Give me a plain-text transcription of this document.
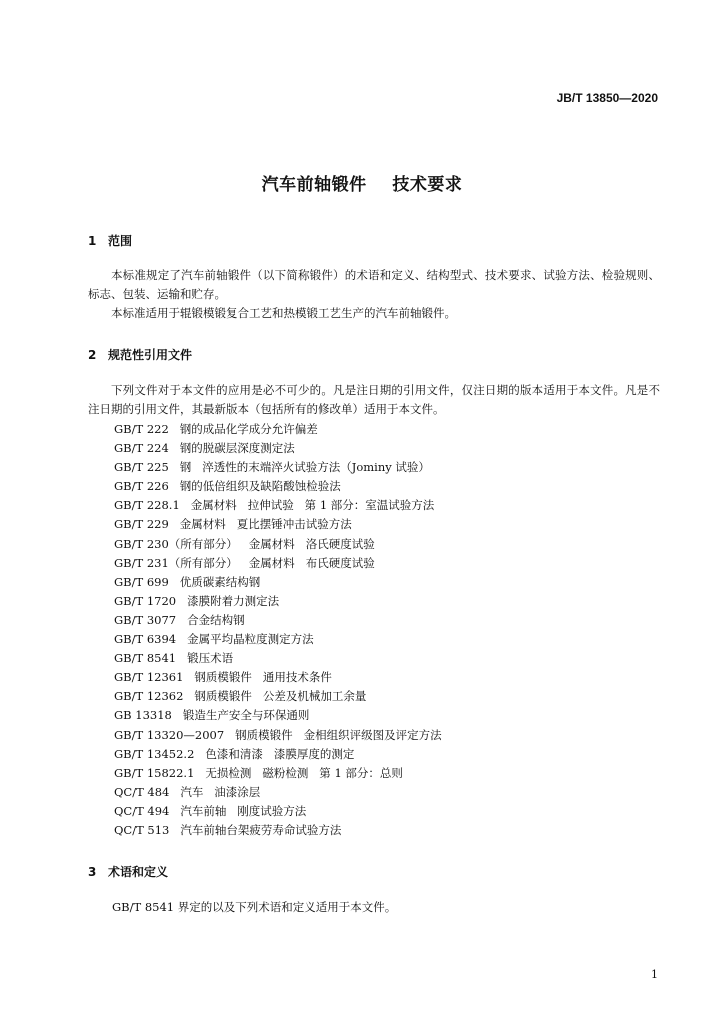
JB/T 13850—2020
汽车前轴锻件    技术要求
1 范围

本标准规定了汽车前轴锻件（以下简称锻件）的术语和定义、结构型式、技术要求、试验方法、检验规则、标志、包装、运输和贮存。

本标准适用于辊锻模锻复合工艺和热模锻工艺生产的汽车前轴锻件。

2 规范性引用文件

下列文件对于本文件的应用是必不可少的。凡是注日期的引用文件，仅注日期的版本适用于本文件。凡是不注日期的引用文件，其最新版本（包括所有的修改单）适用于本文件。

GB/T 222   钢的成品化学成分允许偏差
GB/T 224   钢的脱碳层深度测定法
GB/T 225   钢   淬透性的末端淬火试验方法（Jominy 试验）
GB/T 226   钢的低倍组织及缺陷酸蚀检验法
GB/T 228.1   金属材料   拉伸试验   第 1 部分：室温试验方法
GB/T 229   金属材料   夏比摆锤冲击试验方法
GB/T 230（所有部分）   金属材料   洛氏硬度试验
GB/T 231（所有部分）   金属材料   布氏硬度试验
GB/T 699   优质碳素结构钢
GB/T 1720   漆膜附着力测定法
GB/T 3077   合金结构钢
GB/T 6394   金属平均晶粒度测定方法
GB/T 8541   锻压术语
GB/T 12361   钢质模锻件   通用技术条件
GB/T 12362   钢质模锻件   公差及机械加工余量
GB 13318   锻造生产安全与环保通则
GB/T 13320—2007   钢质模锻件   金相组织评级图及评定方法
GB/T 13452.2   色漆和清漆   漆膜厚度的测定
GB/T 15822.1   无损检测   磁粉检测   第 1 部分：总则
QC/T 484   汽车   油漆涂层
QC/T 494   汽车前轴   刚度试验方法
QC/T 513   汽车前轴台架疲劳寿命试验方法
3 术语和定义
GB/T 8541 界定的以及下列术语和定义适用于本文件。
1
